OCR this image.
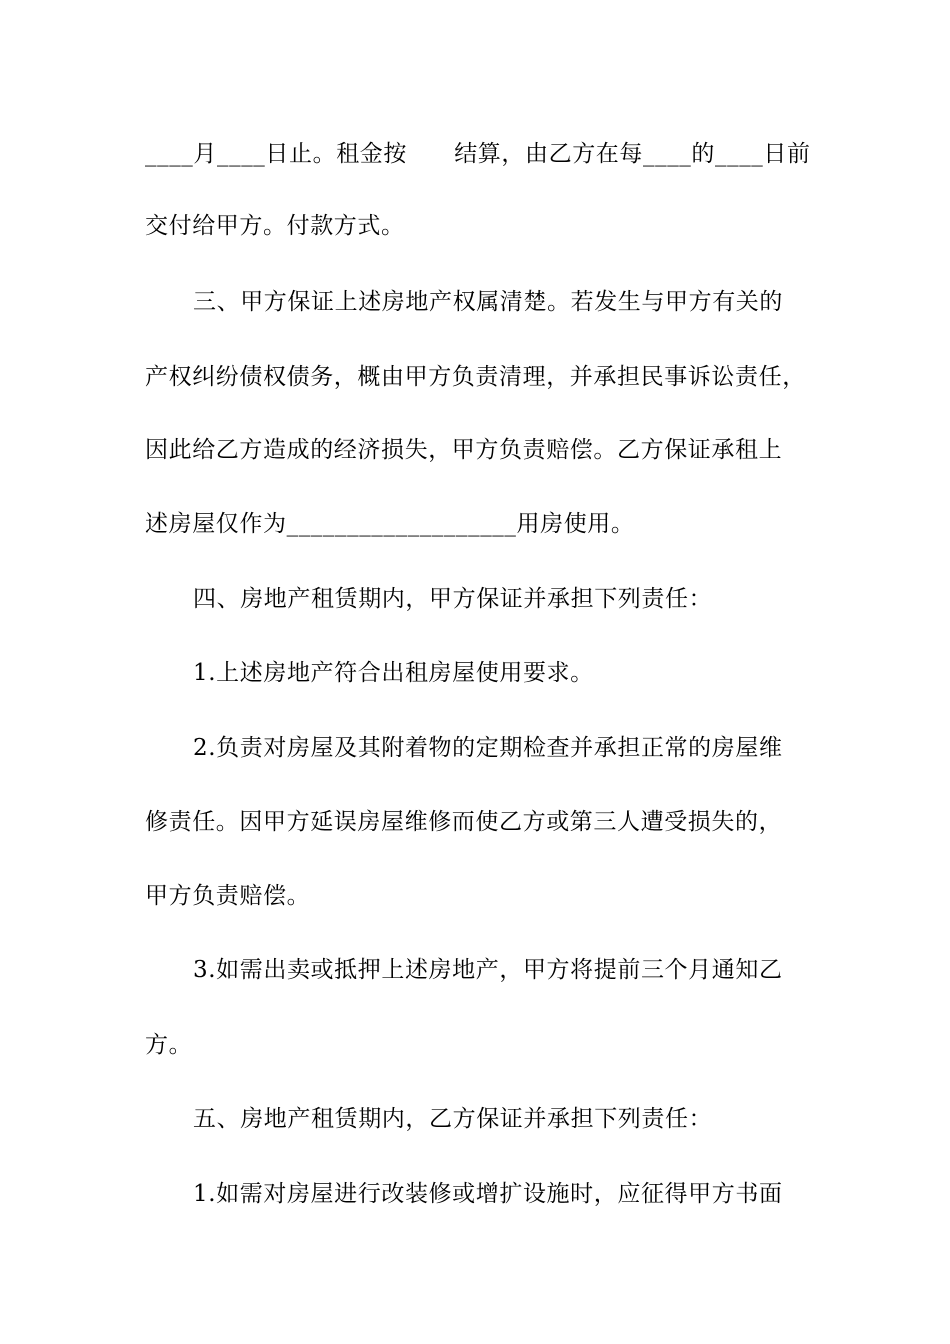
____月____日止。租金按　　结算，由乙方在每____的____日前
交付给甲方。付款方式。
三、甲方保证上述房地产权属清楚。若发生与甲方有关的
产权纠纷债权债务，概由甲方负责清理，并承担民事诉讼责任，
因此给乙方造成的经济损失，甲方负责赔偿。乙方保证承租上
述房屋仅作为___________________用房使用。
四、房地产租赁期内，甲方保证并承担下列责任：
1.上述房地产符合出租房屋使用要求。
2.负责对房屋及其附着物的定期检查并承担正常的房屋维
修责任。因甲方延误房屋维修而使乙方或第三人遭受损失的，
甲方负责赔偿。
3.如需出卖或抵押上述房地产，甲方将提前三个月通知乙
方。
五、房地产租赁期内，乙方保证并承担下列责任：
1.如需对房屋进行改装修或增扩设施时，应征得甲方书面
